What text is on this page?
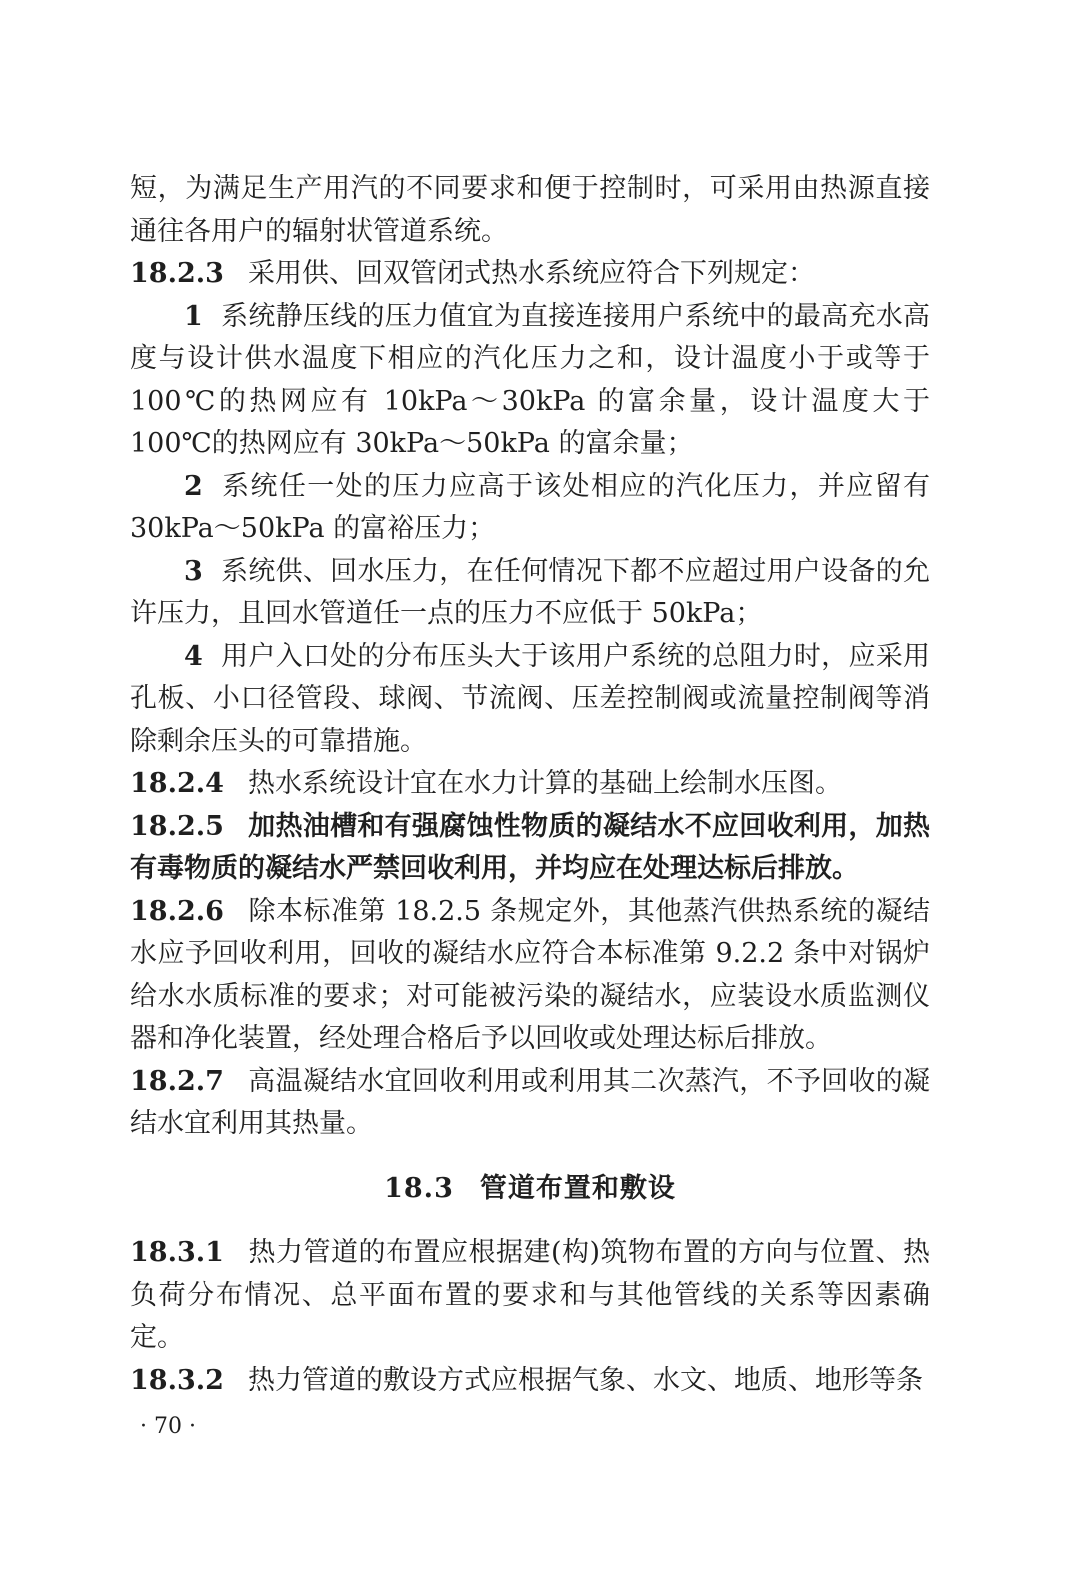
短，为满足生产用汽的不同要求和便于控制时，可采用由热源直接通往各用户的辐射状管道系统。

18.2.3 采用供、回双管闭式热水系统应符合下列规定：

1 系统静压线的压力值宜为直接连接用户系统中的最高充水高度与设计供水温度下相应的汽化压力之和，设计温度小于或等于 100℃的热网应有 10kPa～30kPa 的富余量，设计温度大于 100℃的热网应有 30kPa～50kPa 的富余量；

2 系统任一处的压力应高于该处相应的汽化压力，并应留有 30kPa～50kPa 的富裕压力；

3 系统供、回水压力，在任何情况下都不应超过用户设备的允许压力，且回水管道任一点的压力不应低于 50kPa；

4 用户入口处的分布压头大于该用户系统的总阻力时，应采用孔板、小口径管段、球阀、节流阀、压差控制阀或流量控制阀等消除剩余压头的可靠措施。

18.2.4 热水系统设计宜在水力计算的基础上绘制水压图。

18.2.5 加热油槽和有强腐蚀性物质的凝结水不应回收利用，加热有毒物质的凝结水严禁回收利用，并均应在处理达标后排放。

18.2.6 除本标准第 18.2.5 条规定外，其他蒸汽供热系统的凝结水应予回收利用，回收的凝结水应符合本标准第 9.2.2 条中对锅炉给水水质标准的要求；对可能被污染的凝结水，应装设水质监测仪器和净化装置，经处理合格后予以回收或处理达标后排放。

18.2.7 高温凝结水宜回收利用或利用其二次蒸汽，不予回收的凝结水宜利用其热量。

18.3 管道布置和敷设

18.3.1 热力管道的布置应根据建(构)筑物布置的方向与位置、热负荷分布情况、总平面布置的要求和与其他管线的关系等因素确定。

18.3.2 热力管道的敷设方式应根据气象、水文、地质、地形等条

· 70 ·
